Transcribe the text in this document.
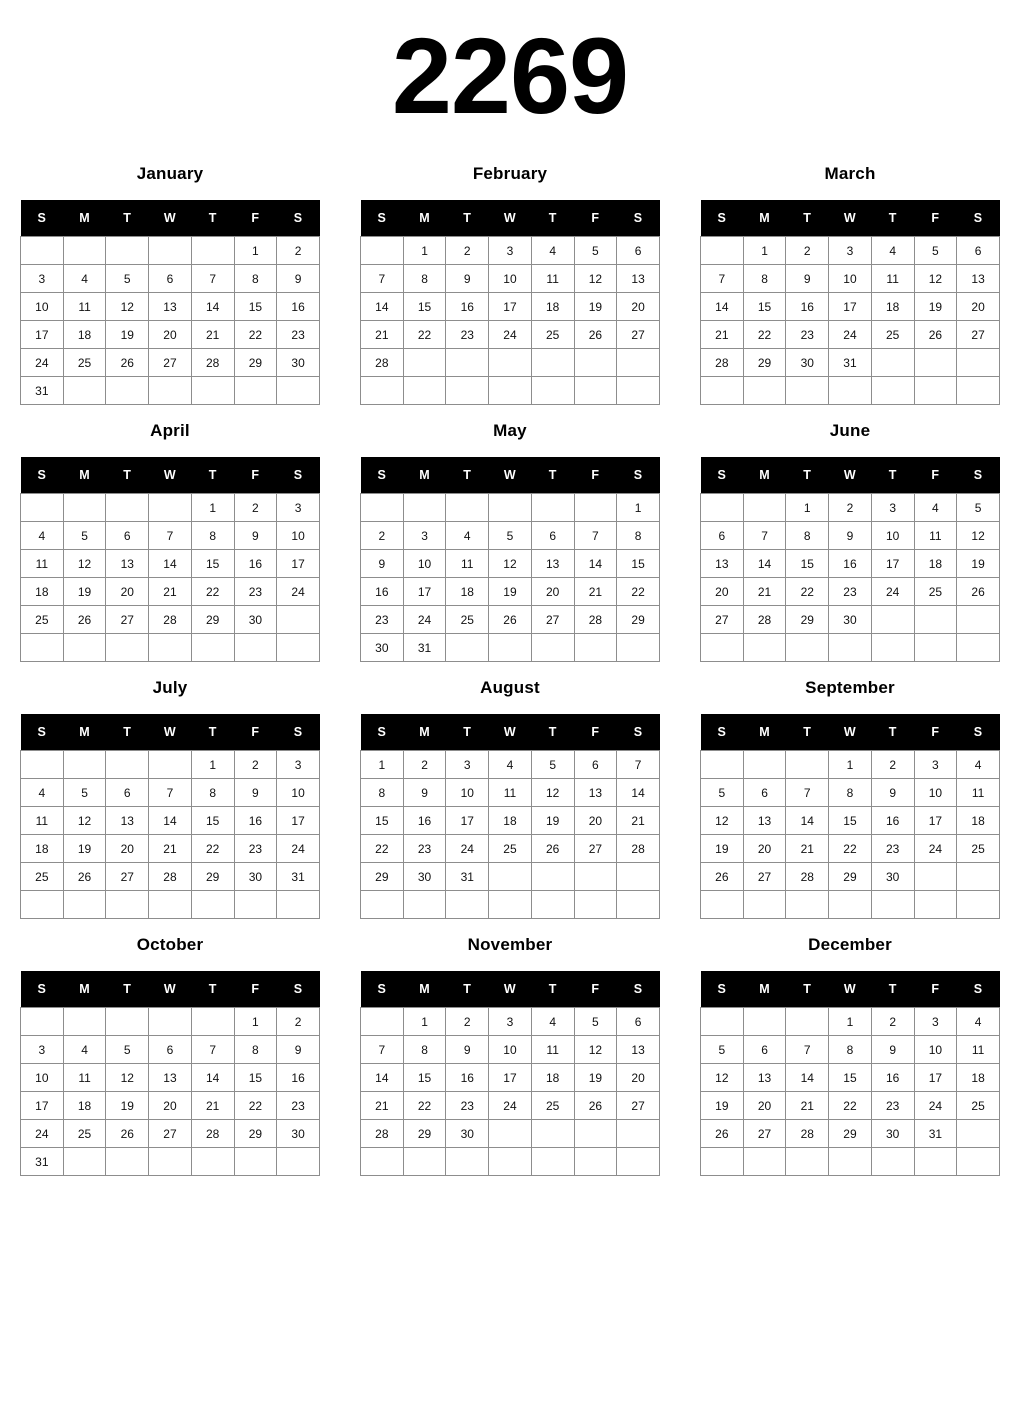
2269
January
S	M	T	W	T	F	S
					1	2
3	4	5	6	7	8	9
10	11	12	13	14	15	16
17	18	19	20	21	22	23
24	25	26	27	28	29	30
31						
February
S	M	T	W	T	F	S
	1	2	3	4	5	6
7	8	9	10	11	12	13
14	15	16	17	18	19	20
21	22	23	24	25	26	27
28						

March
S	M	T	W	T	F	S
	1	2	3	4	5	6
7	8	9	10	11	12	13
14	15	16	17	18	19	20
21	22	23	24	25	26	27
28	29	30	31			

April
S	M	T	W	T	F	S
				1	2	3
4	5	6	7	8	9	10
11	12	13	14	15	16	17
18	19	20	21	22	23	24
25	26	27	28	29	30	

May
S	M	T	W	T	F	S
						1
2	3	4	5	6	7	8
9	10	11	12	13	14	15
16	17	18	19	20	21	22
23	24	25	26	27	28	29
30	31					
June
S	M	T	W	T	F	S
		1	2	3	4	5
6	7	8	9	10	11	12
13	14	15	16	17	18	19
20	21	22	23	24	25	26
27	28	29	30			

July
S	M	T	W	T	F	S
				1	2	3
4	5	6	7	8	9	10
11	12	13	14	15	16	17
18	19	20	21	22	23	24
25	26	27	28	29	30	31

August
S	M	T	W	T	F	S
1	2	3	4	5	6	7
8	9	10	11	12	13	14
15	16	17	18	19	20	21
22	23	24	25	26	27	28
29	30	31				

September
S	M	T	W	T	F	S
			1	2	3	4
5	6	7	8	9	10	11
12	13	14	15	16	17	18
19	20	21	22	23	24	25
26	27	28	29	30		

October
S	M	T	W	T	F	S
					1	2
3	4	5	6	7	8	9
10	11	12	13	14	15	16
17	18	19	20	21	22	23
24	25	26	27	28	29	30
31						
November
S	M	T	W	T	F	S
	1	2	3	4	5	6
7	8	9	10	11	12	13
14	15	16	17	18	19	20
21	22	23	24	25	26	27
28	29	30				

December
S	M	T	W	T	F	S
			1	2	3	4
5	6	7	8	9	10	11
12	13	14	15	16	17	18
19	20	21	22	23	24	25
26	27	28	29	30	31	
